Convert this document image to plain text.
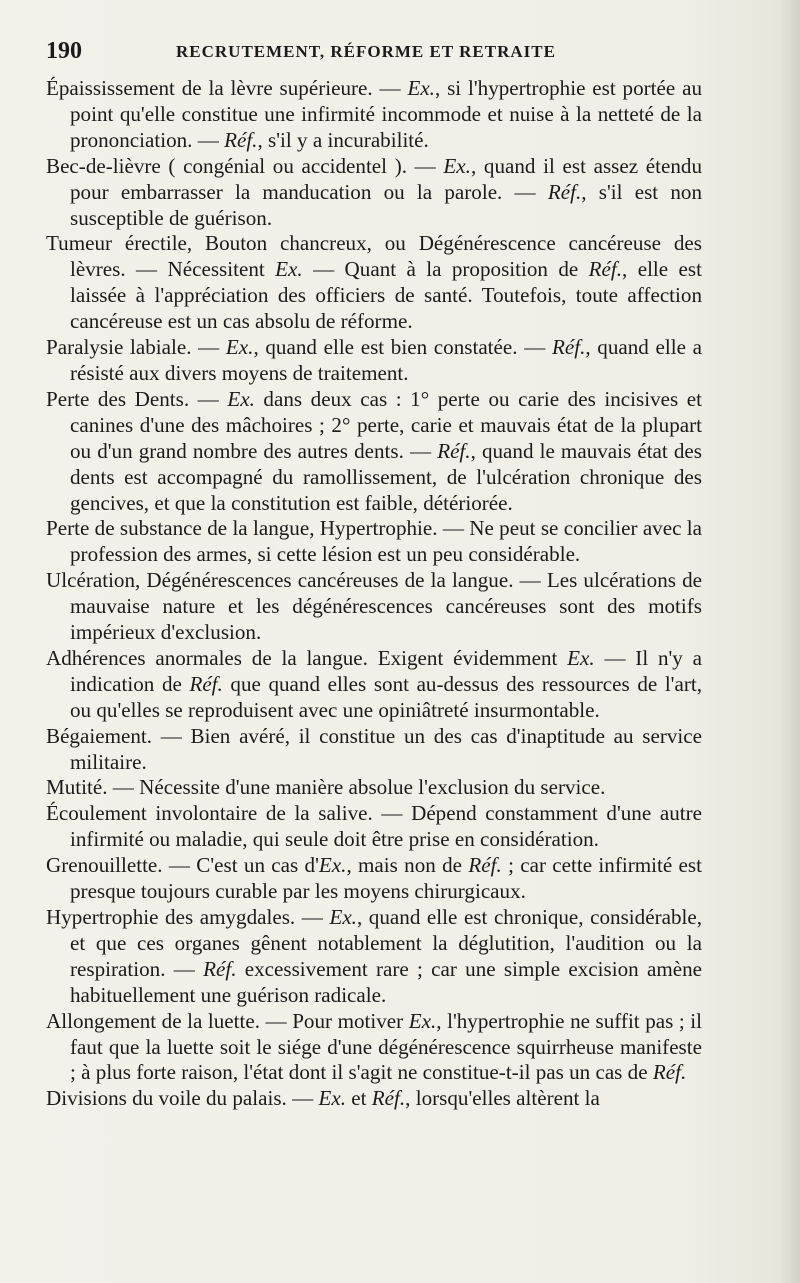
190	RECRUTEMENT, RÉFORME ET RETRAITE

Épaississement de la lèvre supérieure. — Ex., si l'hypertrophie est portée au point qu'elle constitue une infirmité incommode et nuise à la netteté de la prononciation. — Réf., s'il y a incurabilité.

Bec-de-lièvre ( congénial ou accidentel ). — Ex., quand il est assez étendu pour embarrasser la manducation ou la parole. — Réf., s'il est non susceptible de guérison.

Tumeur érectile, Bouton chancreux, ou Dégénérescence cancéreuse des lèvres. — Nécessitent Ex. — Quant à la proposition de Réf., elle est laissée à l'appréciation des officiers de santé. Toutefois, toute affection cancéreuse est un cas absolu de réforme.

Paralysie labiale. — Ex., quand elle est bien constatée. — Réf., quand elle a résisté aux divers moyens de traitement.

Perte des Dents. — Ex. dans deux cas : 1° perte ou carie des incisives et canines d'une des mâchoires ; 2° perte, carie et mauvais état de la plupart ou d'un grand nombre des autres dents. — Réf., quand le mauvais état des dents est accompagné du ramollissement, de l'ulcération chronique des gencives, et que la constitution est faible, détériorée.

Perte de substance de la langue, Hypertrophie. — Ne peut se concilier avec la profession des armes, si cette lésion est un peu considérable.

Ulcération, Dégénérescences cancéreuses de la langue. — Les ulcérations de mauvaise nature et les dégénérescences cancéreuses sont des motifs impérieux d'exclusion.

Adhérences anormales de la langue. Exigent évidemment Ex. — Il n'y a indication de Réf. que quand elles sont au-dessus des ressources de l'art, ou qu'elles se reproduisent avec une opiniâtreté insurmontable.

Bégaiement. — Bien avéré, il constitue un des cas d'inaptitude au service militaire.

Mutité. — Nécessite d'une manière absolue l'exclusion du service.

Écoulement involontaire de la salive. — Dépend constamment d'une autre infirmité ou maladie, qui seule doit être prise en considération.

Grenouillette. — C'est un cas d'Ex., mais non de Réf. ; car cette infirmité est presque toujours curable par les moyens chirurgicaux.

Hypertrophie des amygdales. — Ex., quand elle est chronique, considérable, et que ces organes gênent notablement la déglutition, l'audition ou la respiration. — Réf. excessivement rare ; car une simple excision amène habituellement une guérison radicale.

Allongement de la luette. — Pour motiver Ex., l'hypertrophie ne suffit pas ; il faut que la luette soit le siége d'une dégénérescence squirrheuse manifeste ; à plus forte raison, l'état dont il s'agit ne constitue-t-il pas un cas de Réf.

Divisions du voile du palais. — Ex. et Réf., lorsqu'elles altèrent la
